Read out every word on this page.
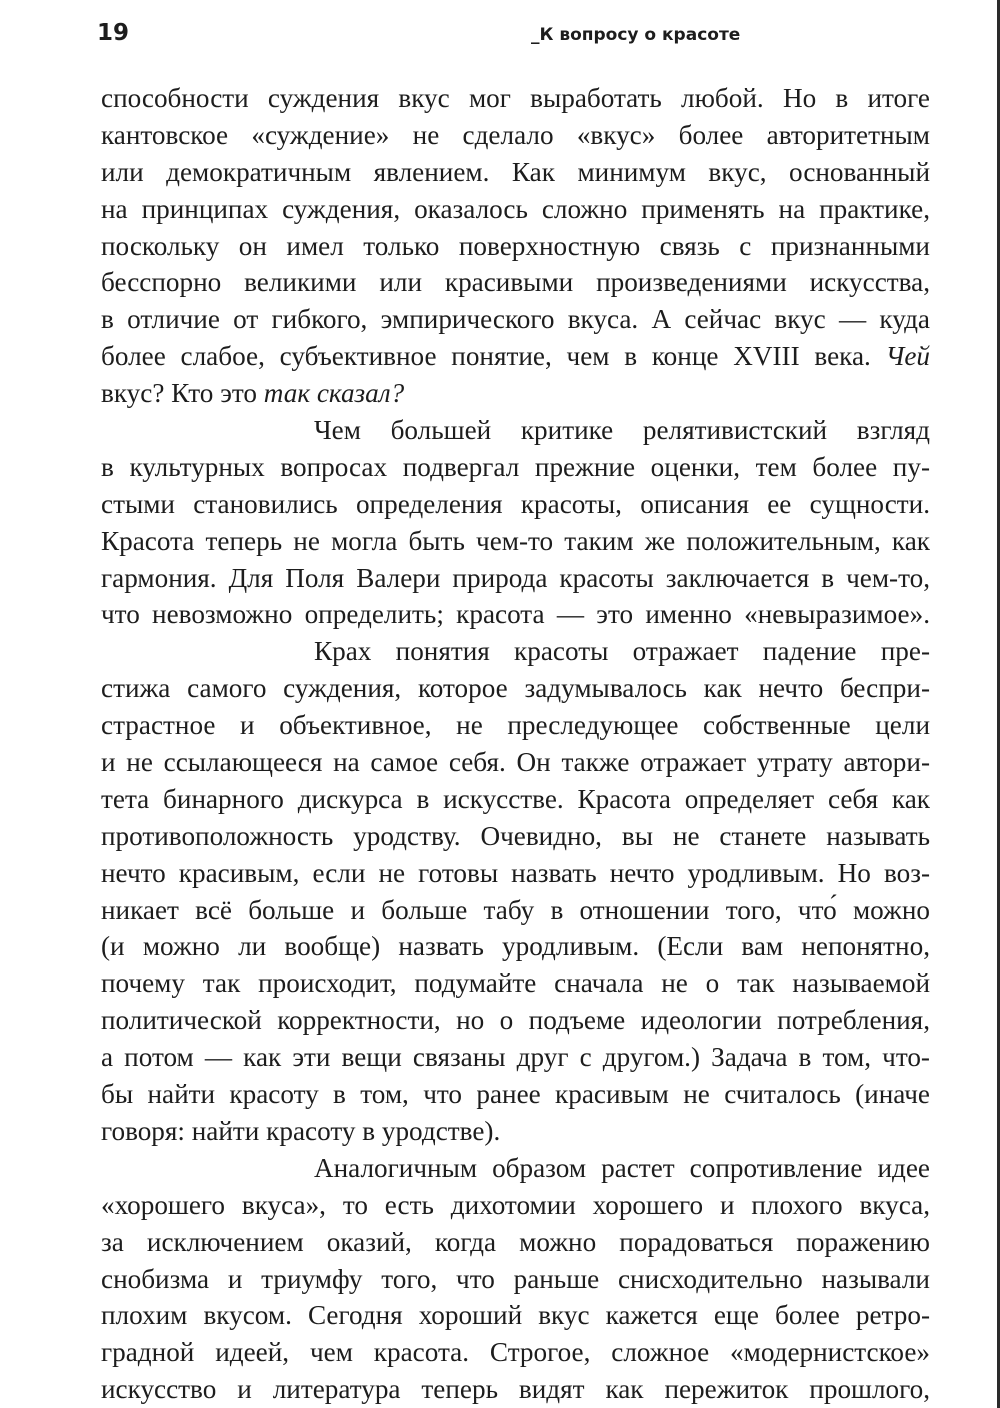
19	_К вопросу о красоте
способности суждения вкус мог выработать любой. Но в итоге
кантовское «суждение» не сделало «вкус» более авторитетным
или демократичным явлением. Как минимум вкус, основанный
на принципах суждения, оказалось сложно применять на практике,
поскольку он имел только поверхностную связь с признанными
бесспорно великими или красивыми произведениями искусства,
в отличие от гибкого, эмпирического вкуса. А сейчас вкус — куда
более слабое, субъективное понятие, чем в конце XVIII века. Чей
вкус? Кто это так сказал?
Чем большей критике релятивистский взгляд
в культурных вопросах подвергал прежние оценки, тем более пу-
стыми становились определения красоты, описания ее сущности.
Красота теперь не могла быть чем-то таким же положительным, как
гармония. Для Поля Валери природа красоты заключается в чем-то,
что невозможно определить; красота — это именно «невыразимое».
Крах понятия красоты отражает падение пре-
стижа самого суждения, которое задумывалось как нечто беспри-
страстное и объективное, не преследующее собственные цели
и не ссылающееся на самое себя. Он также отражает утрату автори-
тета бинарного дискурса в искусстве. Красота определяет себя как
противоположность уродству. Очевидно, вы не станете называть
нечто красивым, если не готовы назвать нечто уродливым. Но воз-
никает всё больше и больше табу в отношении того, что́ можно
(и можно ли вообще) назвать уродливым. (Если вам непонятно,
почему так происходит, подумайте сначала не о так называемой
политической корректности, но о подъеме идеологии потребления,
а потом — как эти вещи связаны друг с другом.) Задача в том, что-
бы найти красоту в том, что ранее красивым не считалось (иначе
говоря: найти красоту в уродстве).
Аналогичным образом растет сопротивление идее
«хорошего вкуса», то есть дихотомии хорошего и плохого вкуса,
за исключением оказий, когда можно порадоваться поражению
снобизма и триумфу того, что раньше снисходительно называли
плохим вкусом. Сегодня хороший вкус кажется еще более ретро-
градной идеей, чем красота. Строгое, сложное «модернистское»
искусство и литература теперь видят как пережиток прошлого,
